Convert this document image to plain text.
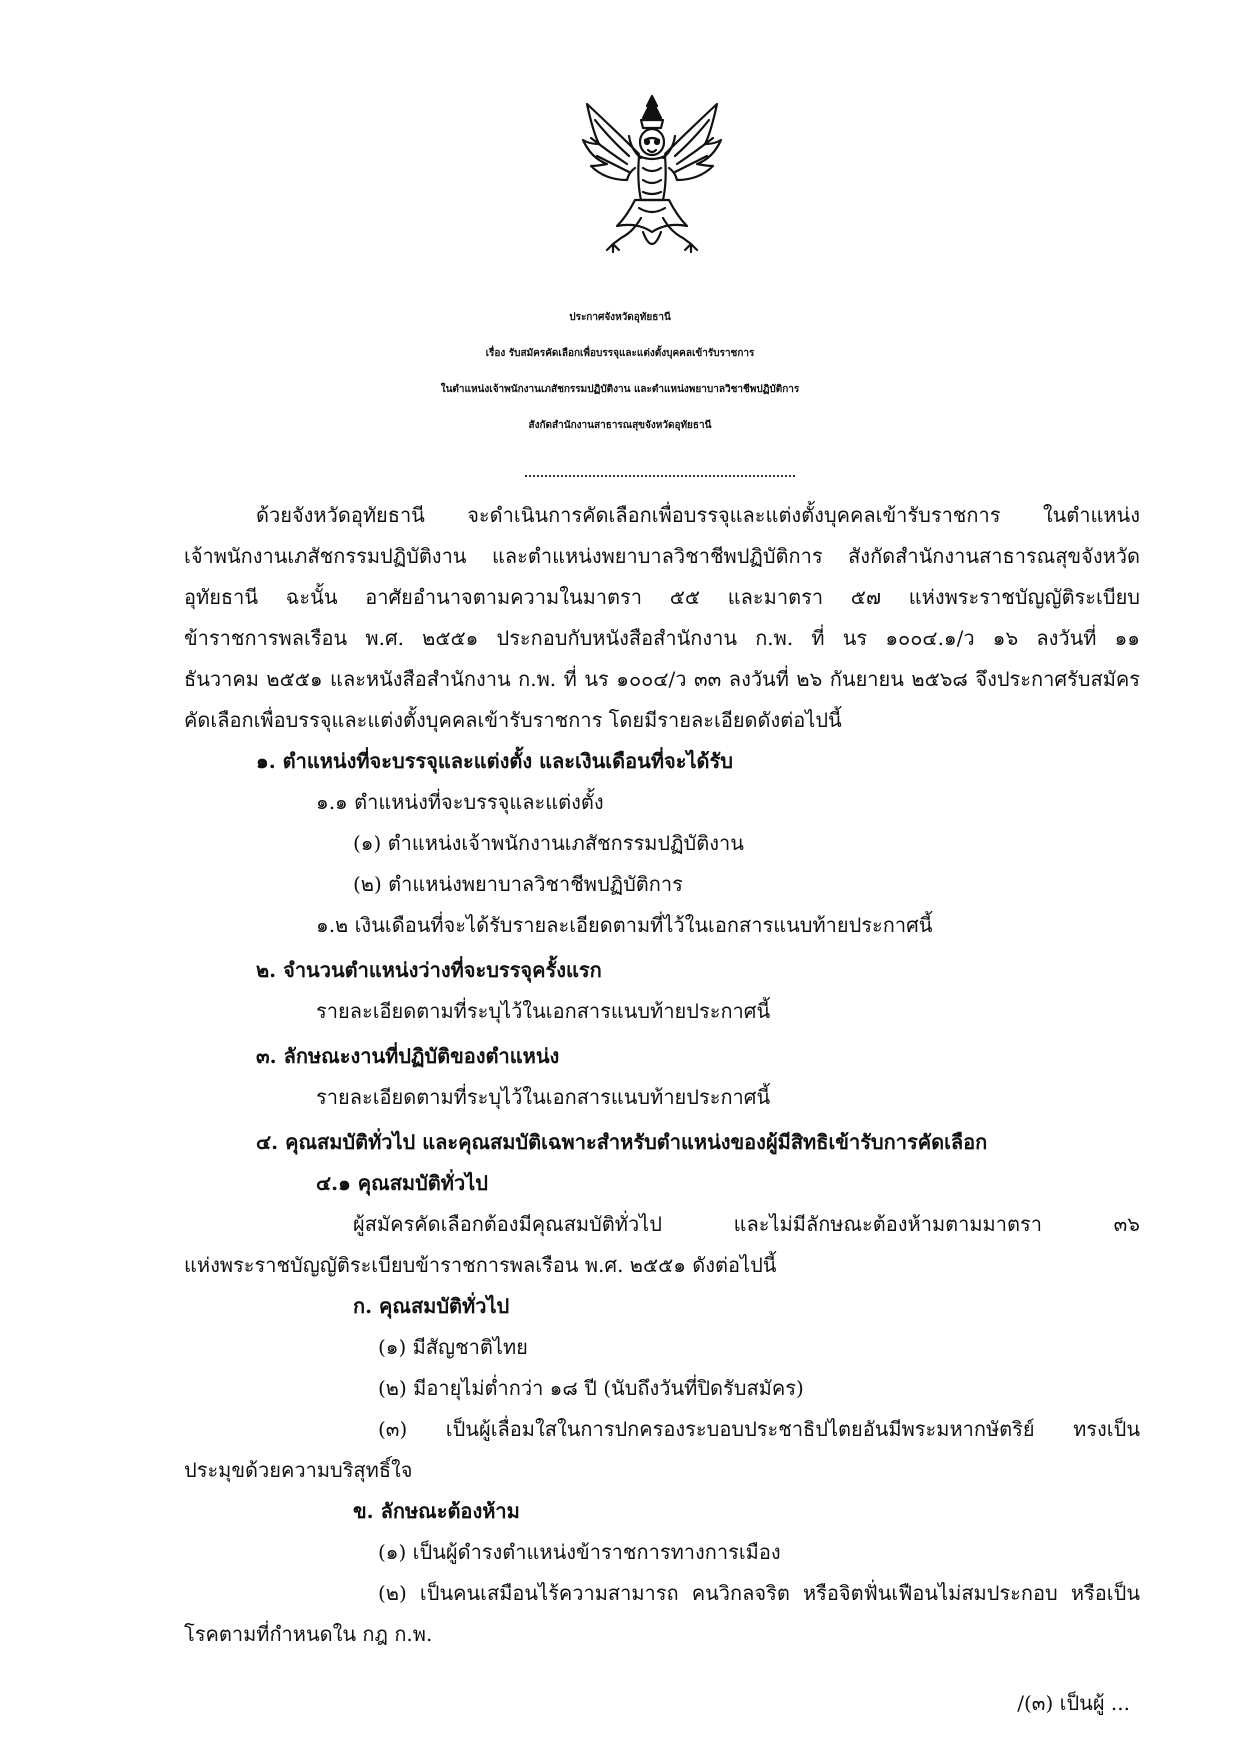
ประกาศจังหวัดอุทัยธานี
เรื่อง รับสมัครคัดเลือกเพื่อบรรจุและแต่งตั้งบุคคลเข้ารับราชการ
ในตำแหน่งเจ้าพนักงานเภสัชกรรมปฏิบัติงาน และตำแหน่งพยาบาลวิชาชีพปฏิบัติการ
สังกัดสำนักงานสาธารณสุขจังหวัดอุทัยธานี
ด้วยจังหวัดอุทัยธานี จะดำเนินการคัดเลือกเพื่อบรรจุและแต่งตั้งบุคคลเข้ารับราชการ ในตำแหน่ง
เจ้าพนักงานเภสัชกรรมปฏิบัติงาน และตำแหน่งพยาบาลวิชาชีพปฏิบัติการ สังกัดสำนักงานสาธารณสุขจังหวัด
อุทัยธานี ฉะนั้น อาศัยอำนาจตามความในมาตรา ๕๕ และมาตรา ๕๗ แห่งพระราชบัญญัติระเบียบ
ข้าราชการพลเรือน พ.ศ. ๒๕๕๑ ประกอบกับหนังสือสำนักงาน ก.พ. ที่ นร ๑๐๐๔.๑/ว ๑๖ ลงวันที่ ๑๑
ธันวาคม ๒๕๕๑ และหนังสือสำนักงาน ก.พ. ที่ นร ๑๐๐๔/ว ๓๓ ลงวันที่ ๒๖ กันยายน ๒๕๖๘ จึงประกาศรับสมัคร
คัดเลือกเพื่อบรรจุและแต่งตั้งบุคคลเข้ารับราชการ โดยมีรายละเอียดดังต่อไปนี้
๑. ตำแหน่งที่จะบรรจุและแต่งตั้ง และเงินเดือนที่จะได้รับ
๑.๑ ตำแหน่งที่จะบรรจุและแต่งตั้ง
(๑) ตำแหน่งเจ้าพนักงานเภสัชกรรมปฏิบัติงาน
(๒) ตำแหน่งพยาบาลวิชาชีพปฏิบัติการ
๑.๒ เงินเดือนที่จะได้รับรายละเอียดตามที่ไว้ในเอกสารแนบท้ายประกาศนี้
๒. จำนวนตำแหน่งว่างที่จะบรรจุครั้งแรก
รายละเอียดตามที่ระบุไว้ในเอกสารแนบท้ายประกาศนี้
๓. ลักษณะงานที่ปฏิบัติของตำแหน่ง
รายละเอียดตามที่ระบุไว้ในเอกสารแนบท้ายประกาศนี้
๔. คุณสมบัติทั่วไป และคุณสมบัติเฉพาะสำหรับตำแหน่งของผู้มีสิทธิเข้ารับการคัดเลือก
๔.๑ คุณสมบัติทั่วไป
ผู้สมัครคัดเลือกต้องมีคุณสมบัติทั่วไป และไม่มีลักษณะต้องห้ามตามมาตรา ๓๖
แห่งพระราชบัญญัติระเบียบข้าราชการพลเรือน พ.ศ. ๒๕๕๑ ดังต่อไปนี้
ก. คุณสมบัติทั่วไป
(๑) มีสัญชาติไทย
(๒) มีอายุไม่ต่ำกว่า ๑๘ ปี (นับถึงวันที่ปิดรับสมัคร)
(๓) เป็นผู้เลื่อมใสในการปกครองระบอบประชาธิปไตยอันมีพระมหากษัตริย์ ทรงเป็น
ประมุขด้วยความบริสุทธิ์ใจ
ข. ลักษณะต้องห้าม
(๑) เป็นผู้ดำรงตำแหน่งข้าราชการทางการเมือง
(๒) เป็นคนเสมือนไร้ความสามารถ คนวิกลจริต หรือจิตฟั่นเฟือนไม่สมประกอบ หรือเป็น
โรคตามที่กำหนดใน กฎ ก.พ.
/(๓) เป็นผู้ ...
